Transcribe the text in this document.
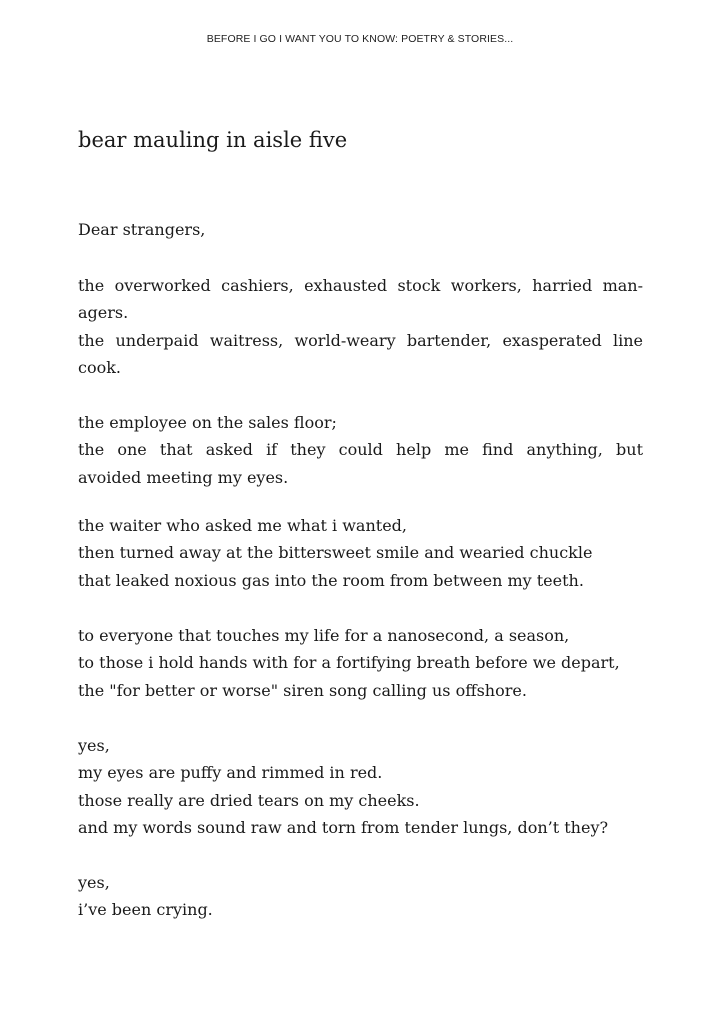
BEFORE I GO I WANT YOU TO KNOW: POETRY & STORIES...
bear mauling in aisle five
Dear strangers,
the overworked cashiers, exhausted stock workers, harried man-
agers.
the underpaid waitress, world-weary bartender, exasperated line
cook.
the employee on the sales floor;
the one that asked if they could help me find anything, but
avoided meeting my eyes.
the waiter who asked me what i wanted,
then turned away at the bittersweet smile and wearied chuckle
that leaked noxious gas into the room from between my teeth.
to everyone that touches my life for a nanosecond, a season,
to those i hold hands with for a fortifying breath before we depart,
the "for better or worse" siren song calling us offshore.
yes,
my eyes are puffy and rimmed in red.
those really are dried tears on my cheeks.
and my words sound raw and torn from tender lungs, don’t they?
yes,
i’ve been crying.
